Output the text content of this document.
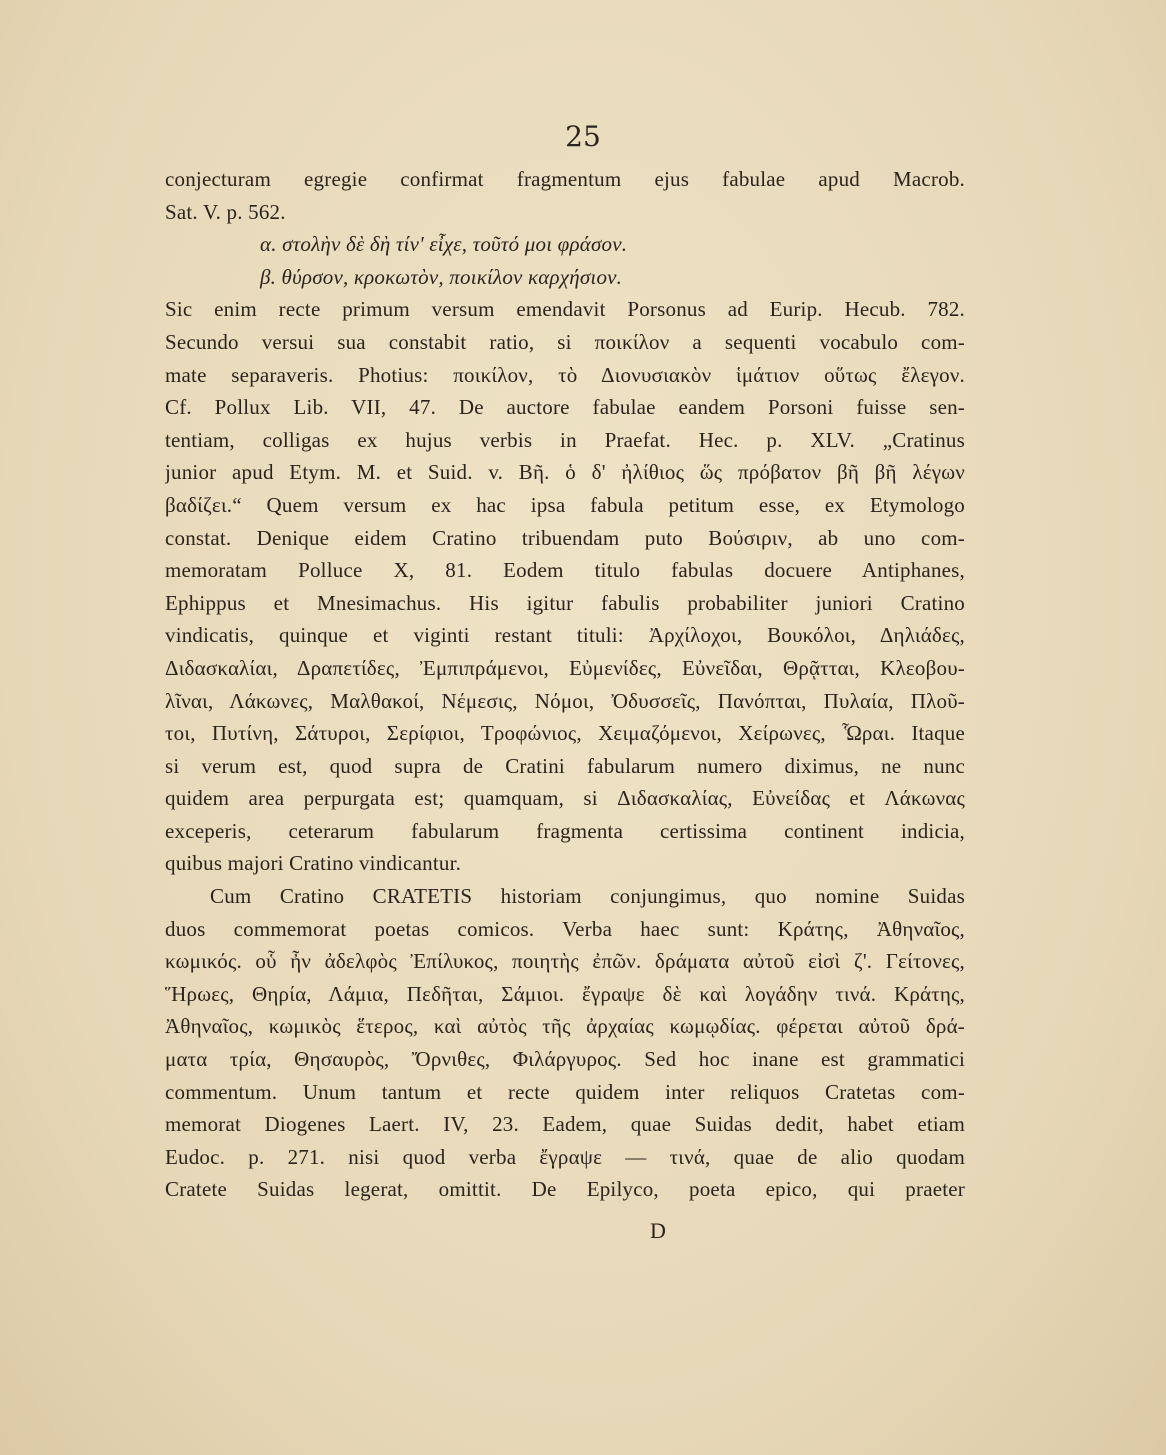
25
conjecturam egregie confirmat fragmentum ejus fabulae apud Macrob.
Sat. V. p. 562.
α. στολὴν δὲ δὴ τίν' εἶχε, τοῦτό μοι φράσον.
β. θύρσον, κροκωτὸν, ποικίλον καρχήσιον.
Sic enim recte primum versum emendavit Porsonus ad Eurip. Hecub. 782.
Secundo versui sua constabit ratio, si ποικίλον a sequenti vocabulo com-
mate separaveris. Photius: ποικίλον, τὸ Διονυσιακὸν ἱμάτιον οὕτως ἔλεγον.
Cf. Pollux Lib. VII, 47. De auctore fabulae eandem Porsoni fuisse sen-
tentiam, colligas ex hujus verbis in Praefat. Hec. p. XLV. „Cratinus
junior apud Etym. M. et Suid. v. Βῆ. ὁ δ' ἠλίθιος ὥς πρόβατον βῆ βῆ λέγων
βαδίζει.“ Quem versum ex hac ipsa fabula petitum esse, ex Etymologo
constat. Denique eidem Cratino tribuendam puto Βούσιριν, ab uno com-
memoratam Polluce X, 81. Eodem titulo fabulas docuere Antiphanes,
Ephippus et Mnesimachus. His igitur fabulis probabiliter juniori Cratino
vindicatis, quinque et viginti restant tituli: Ἀρχίλοχοι, Βουκόλοι, Δηλιάδες,
Διδασκαλίαι, Δραπετίδες, Ἐμπιπράμενοι, Εὐμενίδες, Εὐνεῖδαι, Θρᾷτται, Κλεοβου-
λῖναι, Λάκωνες, Μαλθακοί, Νέμεσις, Νόμοι, Ὀδυσσεῖς, Πανόπται, Πυλαία, Πλοῦ-
τοι, Πυτίνη, Σάτυροι, Σερίφιοι, Τροφώνιος, Χειμαζόμενοι, Χείρωνες, Ὧραι. Itaque
si verum est, quod supra de Cratini fabularum numero diximus, ne nunc
quidem area perpurgata est; quamquam, si Διδασκαλίας, Εὐνείδας et Λάκωνας
exceperis, ceterarum fabularum fragmenta certissima continent indicia,
quibus majori Cratino vindicantur.
Cum Cratino CRATETIS historiam conjungimus, quo nomine Suidas
duos commemorat poetas comicos. Verba haec sunt: Κράτης, Ἀθηναῖος,
κωμικός. οὗ ἦν ἀδελφὸς Ἐπίλυκος, ποιητὴς ἐπῶν. δράματα αὐτοῦ εἰσὶ ζ'. Γείτονες,
Ἥρωες, Θηρία, Λάμια, Πεδῆται, Σάμιοι. ἔγραψε δὲ καὶ λογάδην τινά. Κράτης,
Ἀθηναῖος, κωμικὸς ἕτερος, καὶ αὐτὸς τῆς ἀρχαίας κωμῳδίας. φέρεται αὐτοῦ δρά-
ματα τρία, Θησαυρὸς, Ὄρνιθες, Φιλάργυρος. Sed hoc inane est grammatici
commentum. Unum tantum et recte quidem inter reliquos Cratetas com-
memorat Diogenes Laert. IV, 23. Eadem, quae Suidas dedit, habet etiam
Eudoc. p. 271. nisi quod verba ἔγραψε — τινά, quae de alio quodam
Cratete Suidas legerat, omittit. De Epilyco, poeta epico, qui praeter
D
